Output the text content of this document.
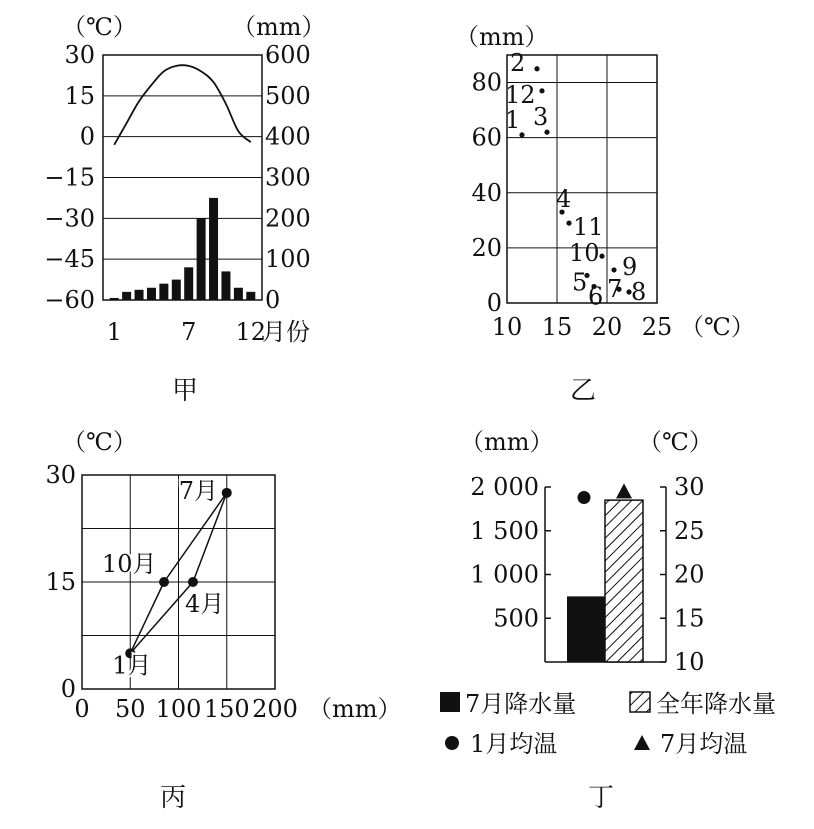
（℃）	（mm）
30
15
0
−15
−30
−45
−60
600
500
400
300
200
100
0
1 7 12
月份
甲
（mm）
0
20
40
60
80
10 15 20 25 （℃）
2
12
1 3
4
11
10 9
5
6 7 8
乙
（℃）
0
15
30
0 50 100 150 200 （mm）
1月
4月
7月
10月
丙
（mm）	（℃）
2 000
1 500
1 000
500
30
25
20
15
10
7月降水量	全年降水量
1月均温	7月均温
丁
